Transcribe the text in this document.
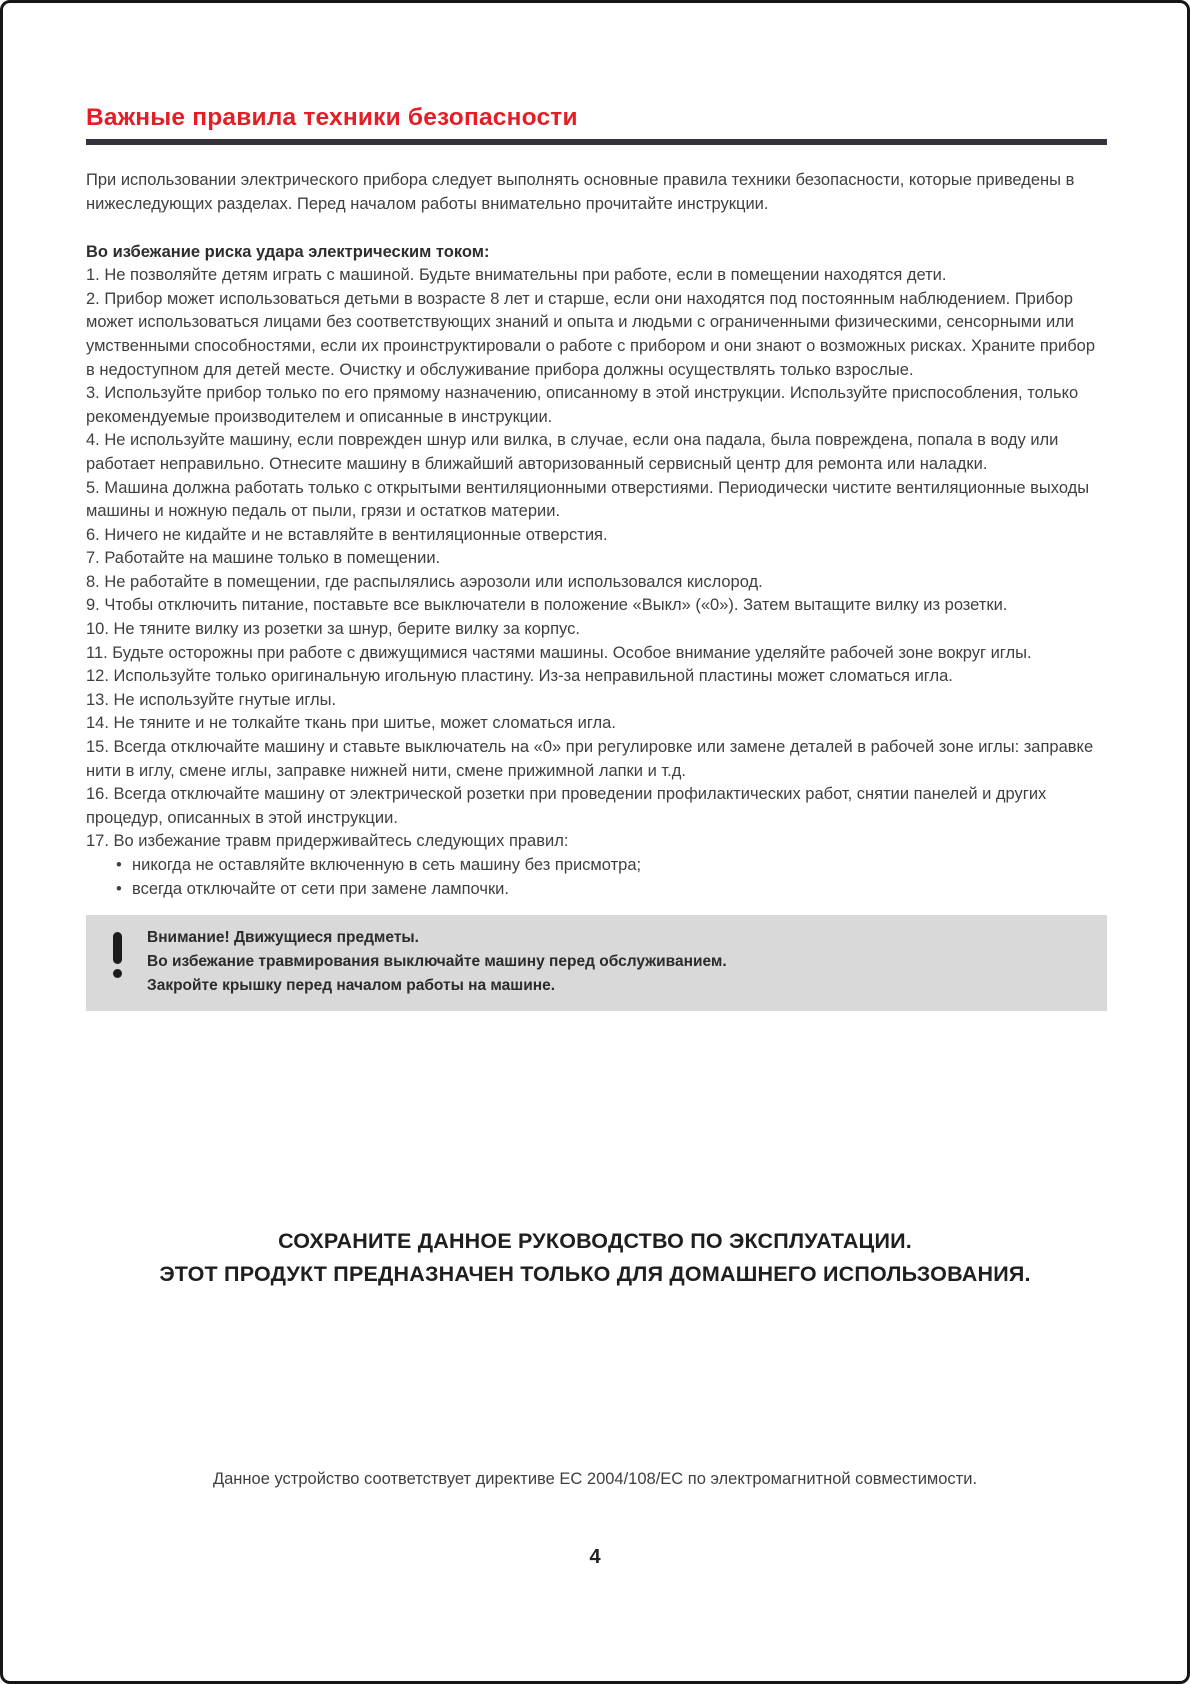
Важные правила техники безопасности

При использовании электрического прибора следует выполнять основные правила техники безопасности, которые приведены в нижеследующих разделах. Перед началом работы внимательно прочитайте инструкции.

Во избежание риска удара электрическим током:

1. Не позволяйте детям играть с машиной. Будьте внимательны при работе, если в помещении находятся дети.

2. Прибор может использоваться детьми в возрасте 8 лет и старше, если они находятся под постоянным наблюдением. Прибор может использоваться лицами без соответствующих знаний и опыта и людьми с ограниченными физическими, сенсорными или умственными способностями, если их проинструктировали о работе с прибором и они знают о возможных рисках. Храните прибор в недоступном для детей месте. Очистку и обслуживание прибора должны осуществлять только взрослые.

3. Используйте прибор только по его прямому назначению, описанному в этой инструкции. Используйте приспособления, только рекомендуемые производителем и описанные в инструкции.

4. Не используйте машину, если поврежден шнур или вилка, в случае, если она падала, была повреждена, попала в воду или работает неправильно. Отнесите машину в ближайший авторизованный сервисный центр для ремонта или наладки.

5. Машина должна работать только с открытыми вентиляционными отверстиями. Периодически чистите вентиляционные выходы машины и ножную педаль от пыли, грязи и остатков материи.

6. Ничего не кидайте и не вставляйте в вентиляционные отверстия.

7. Работайте на машине только в помещении.

8. Не работайте в помещении, где распылялись аэрозоли или использовался кислород.

9. Чтобы отключить питание, поставьте все выключатели в положение «Выкл» («0»). Затем вытащите вилку из розетки.

10. Не тяните вилку из розетки за шнур, берите вилку за корпус.

11. Будьте осторожны при работе с движущимися частями машины. Особое внимание уделяйте рабочей зоне вокруг иглы.

12. Используйте только оригинальную игольную пластину. Из-за неправильной пластины может сломаться игла.

13. Не используйте гнутые иглы.

14. Не тяните и не толкайте ткань при шитье, может сломаться игла.

15. Всегда отключайте машину и ставьте выключатель на «0» при регулировке или замене деталей в рабочей зоне иглы: заправке нити в иглу, смене иглы, заправке нижней нити, смене прижимной лапки и т.д.

16. Всегда отключайте машину от электрической розетки при проведении профилактических работ, снятии панелей и других процедур, описанных в этой инструкции.

17. Во избежание травм придерживайтесь следующих правил:

• никогда не оставляйте включенную в сеть машину без присмотра;
• всегда отключайте от сети при замене лампочки.
Внимание! Движущиеся предметы.
Во избежание травмирования выключайте машину перед обслуживанием.
Закройте крышку перед началом работы на машине.
СОХРАНИТЕ ДАННОЕ РУКОВОДСТВО ПО ЭКСПЛУАТАЦИИ.
ЭТОТ ПРОДУКТ ПРЕДНАЗНАЧЕН ТОЛЬКО ДЛЯ ДОМАШНЕГО ИСПОЛЬЗОВАНИЯ.
Данное устройство соответствует директиве ЕС 2004/108/ЕС по электромагнитной совместимости.
4
